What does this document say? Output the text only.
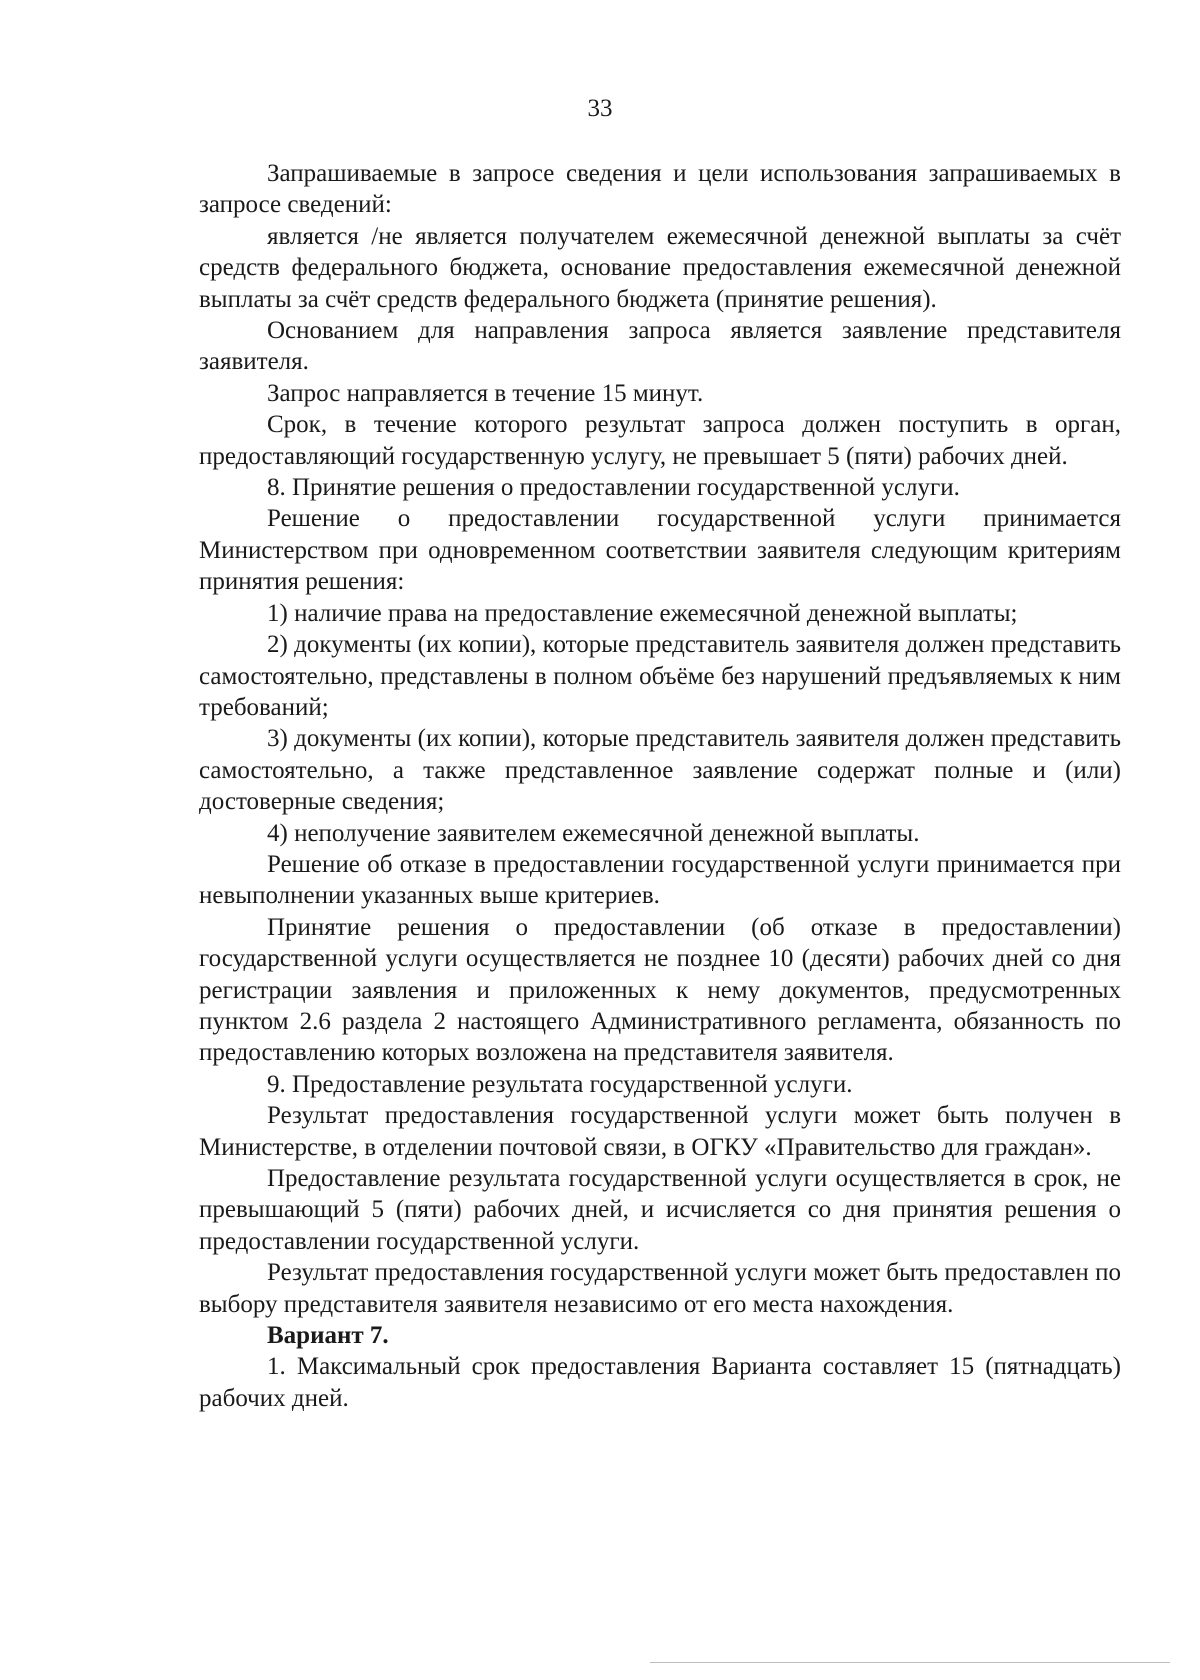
33

Запрашиваемые в запросе сведения и цели использования запрашиваемых в запросе сведений:

является /не является получателем ежемесячной денежной выплаты за счёт средств федерального бюджета, основание предоставления ежемесячной денежной выплаты за счёт средств федерального бюджета (принятие решения).

Основанием для направления запроса является заявление представителя заявителя.

Запрос направляется в течение 15 минут.

Срок, в течение которого результат запроса должен поступить в орган, предоставляющий государственную услугу, не превышает 5 (пяти) рабочих дней.

8. Принятие решения о предоставлении государственной услуги.

Решение о предоставлении государственной услуги принимается Министерством при одновременном соответствии заявителя следующим критериям принятия решения:

1) наличие права на предоставление ежемесячной денежной выплаты;

2) документы (их копии), которые представитель заявителя должен представить самостоятельно, представлены в полном объёме без нарушений предъявляемых к ним требований;

3) документы (их копии), которые представитель заявителя должен представить самостоятельно, а также представленное заявление содержат полные и (или) достоверные сведения;

4) неполучение заявителем ежемесячной денежной выплаты.

Решение об отказе в предоставлении государственной услуги принимается при невыполнении указанных выше критериев.

Принятие решения о предоставлении (об отказе в предоставлении) государственной услуги осуществляется не позднее 10 (десяти) рабочих дней со дня регистрации заявления и приложенных к нему документов, предусмотренных пунктом 2.6 раздела 2 настоящего Административного регламента, обязанность по предоставлению которых возложена на представителя заявителя.

9. Предоставление результата государственной услуги.

Результат предоставления государственной услуги может быть получен в Министерстве, в отделении почтовой связи, в ОГКУ «Правительство для граждан».

Предоставление результата государственной услуги осуществляется в срок, не превышающий 5 (пяти) рабочих дней, и исчисляется со дня принятия решения о предоставлении государственной услуги.

Результат предоставления государственной услуги может быть предоставлен по выбору представителя заявителя независимо от его места нахождения.

Вариант 7.

1. Максимальный срок предоставления Варианта составляет 15 (пятнадцать) рабочих дней.
